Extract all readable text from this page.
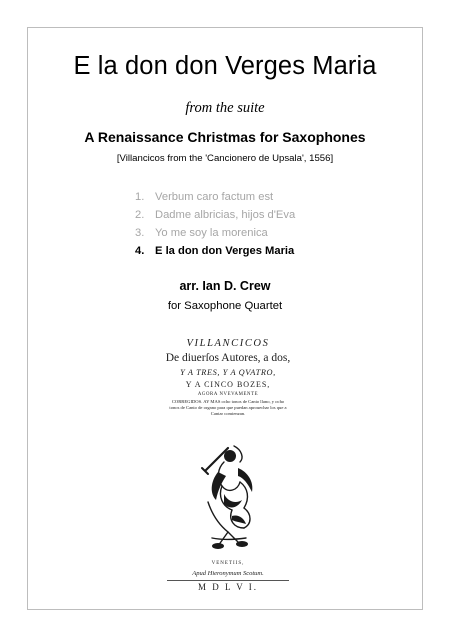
E la don don Verges Maria
from the suite
A Renaissance Christmas for Saxophones
[Villancicos from the 'Cancionero de Upsala', 1556]
1. Verbum caro factum est
2. Dadme albricias, hijos d'Eva
3. Yo me soy la morenica
4. E la don don Verges Maria
arr. Ian D. Crew
for Saxophone Quartet
VILLANCICOS
De diuerſos Autores, a dos,
Y A TRES, Y A QVATRO,
Y A CINCO BOZES,
AGORA NVEVAMENTE
CORREGIDOS. AY MAS ocho tonos de Canto llano, y ocho tonos de Canto de organo para que puedan aprouechar los que a Cantar comienzan.
VENETIIS,
Apud Hieronymum Scotum.
M D L V I.
